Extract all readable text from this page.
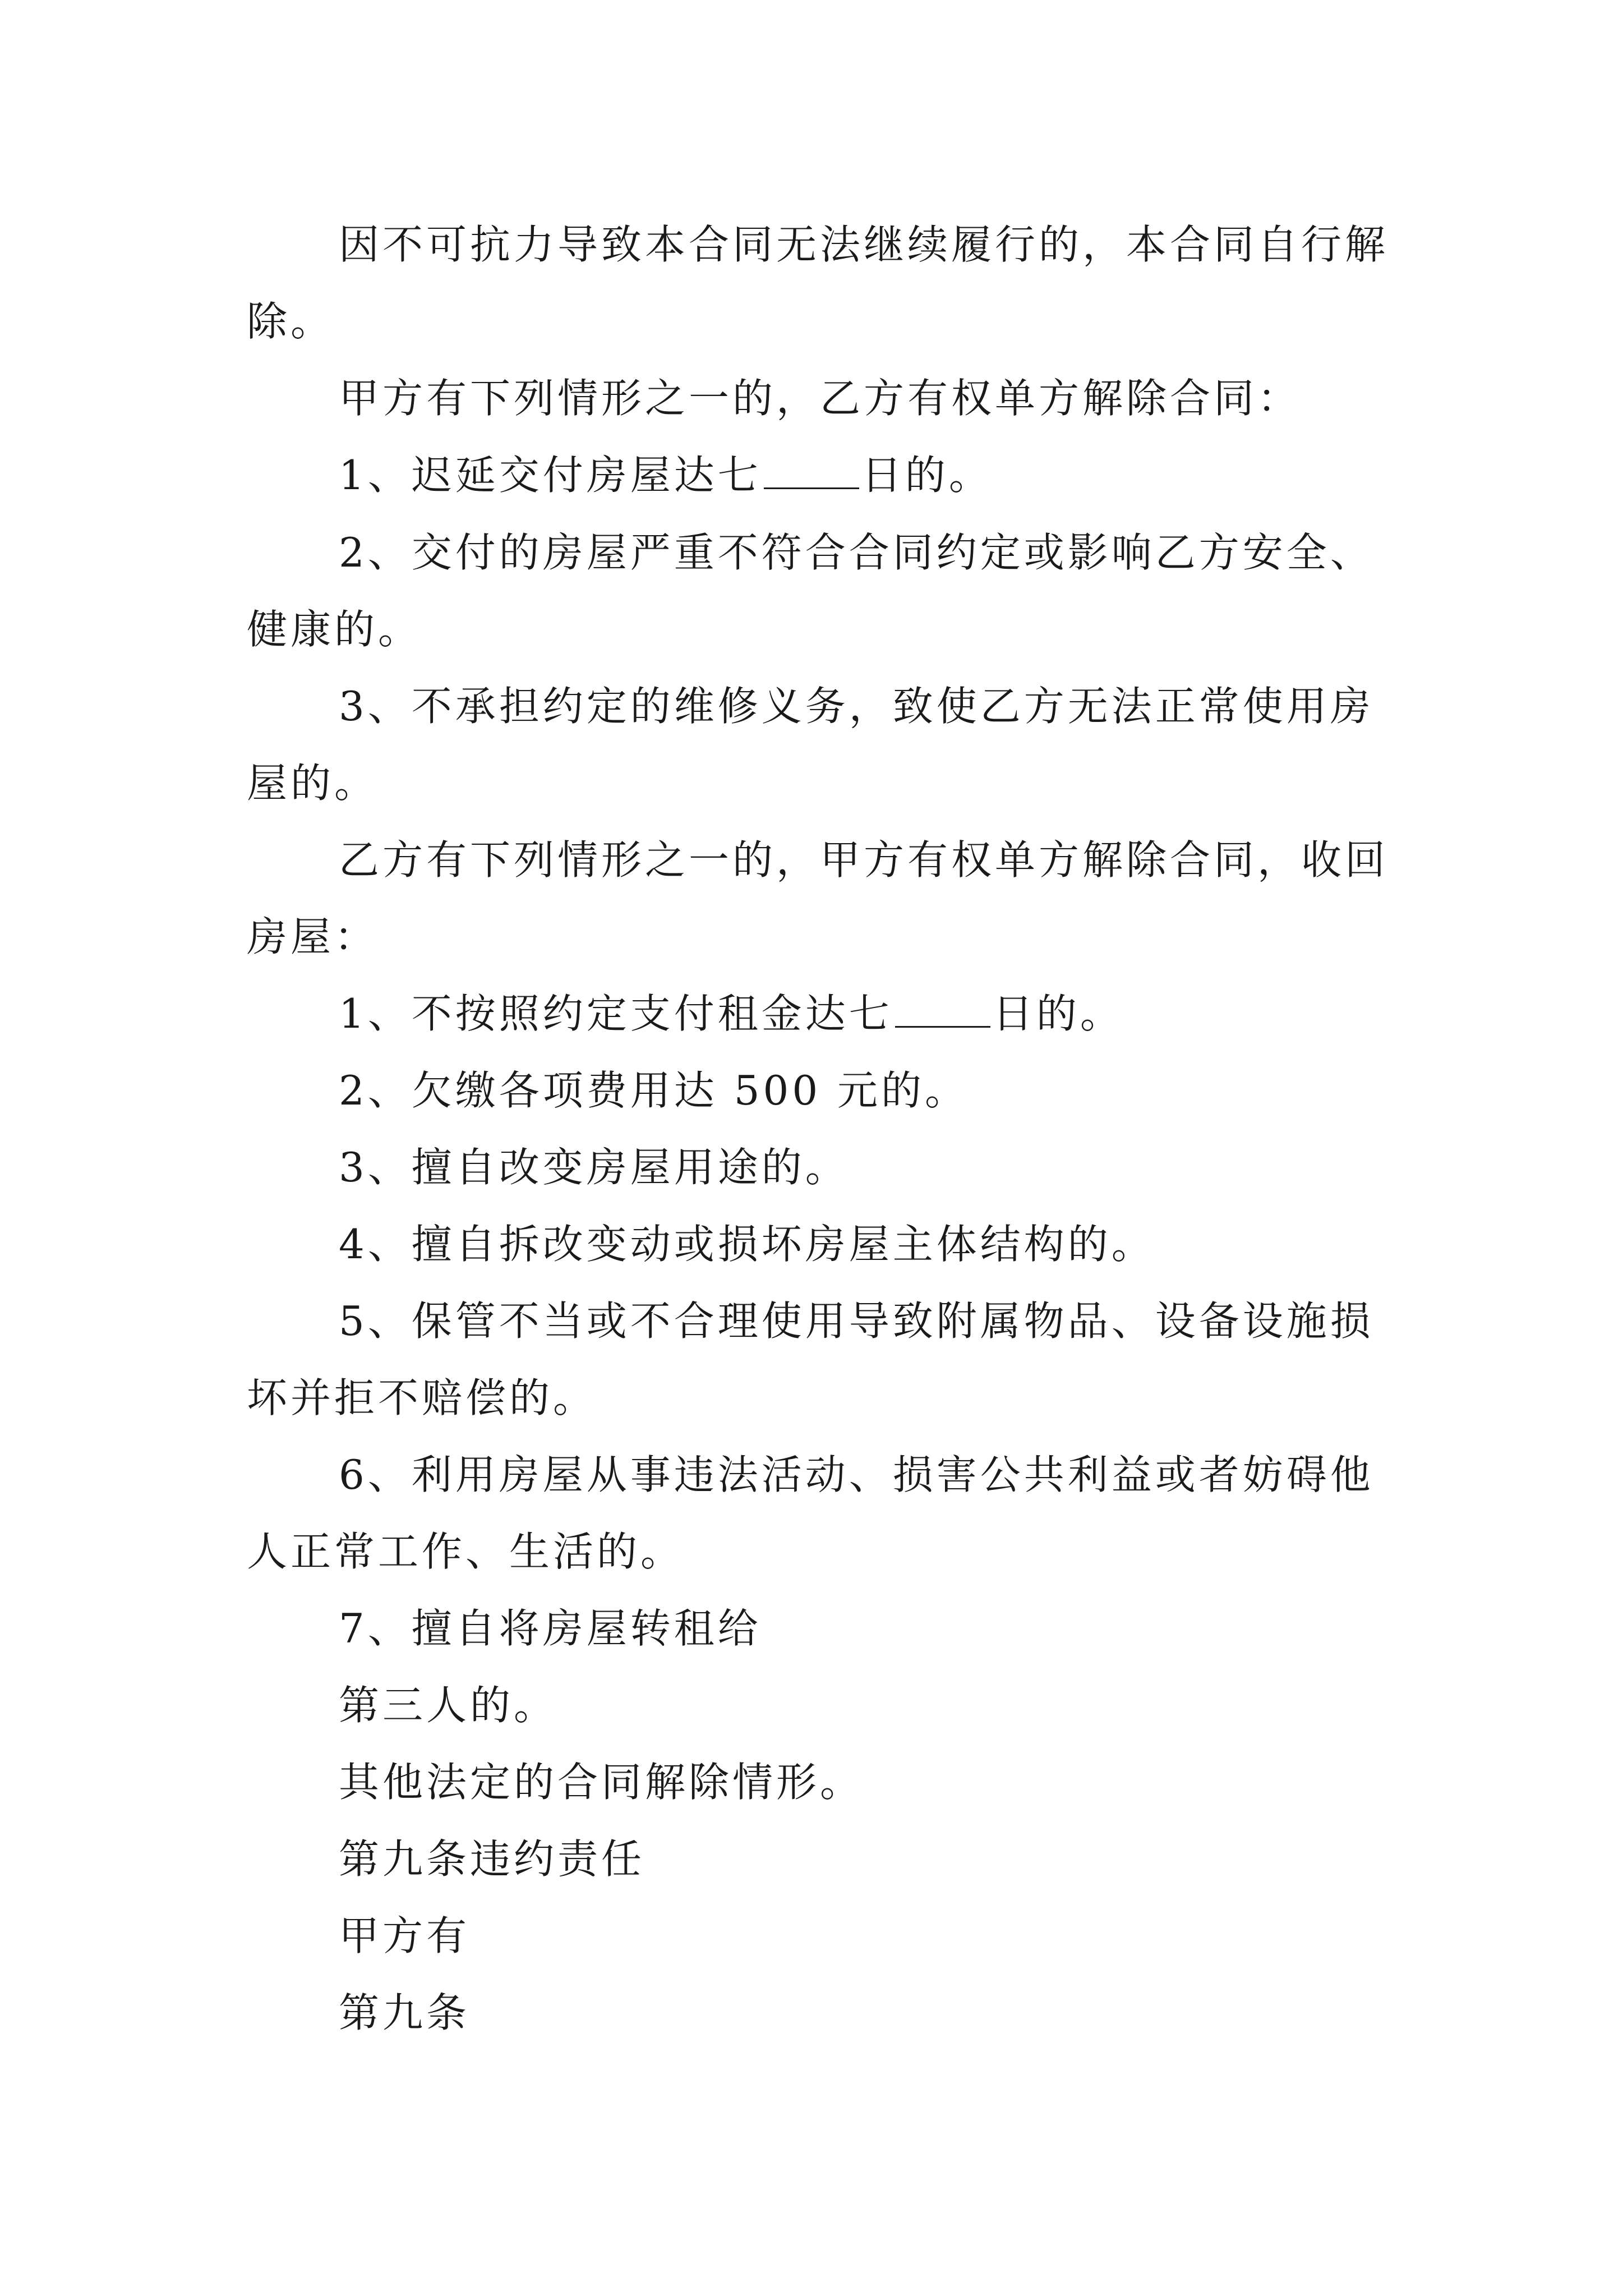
因不可抗力导致本合同无法继续履行的，本合同自行解
除。
甲方有下列情形之一的，乙方有权单方解除合同：
1、迟延交付房屋达七 日的。
2、交付的房屋严重不符合合同约定或影响乙方安全、
健康的。
3、不承担约定的维修义务，致使乙方无法正常使用房
屋的。
乙方有下列情形之一的，甲方有权单方解除合同，收回
房屋：
1、不按照约定支付租金达七 日的。
2、欠缴各项费用达 500 元的。
3、擅自改变房屋用途的。
4、擅自拆改变动或损坏房屋主体结构的。
5、保管不当或不合理使用导致附属物品、设备设施损
坏并拒不赔偿的。
6、利用房屋从事违法活动、损害公共利益或者妨碍他
人正常工作、生活的。
7、擅自将房屋转租给
第三人的。
其他法定的合同解除情形。
第九条违约责任
甲方有
第九条
